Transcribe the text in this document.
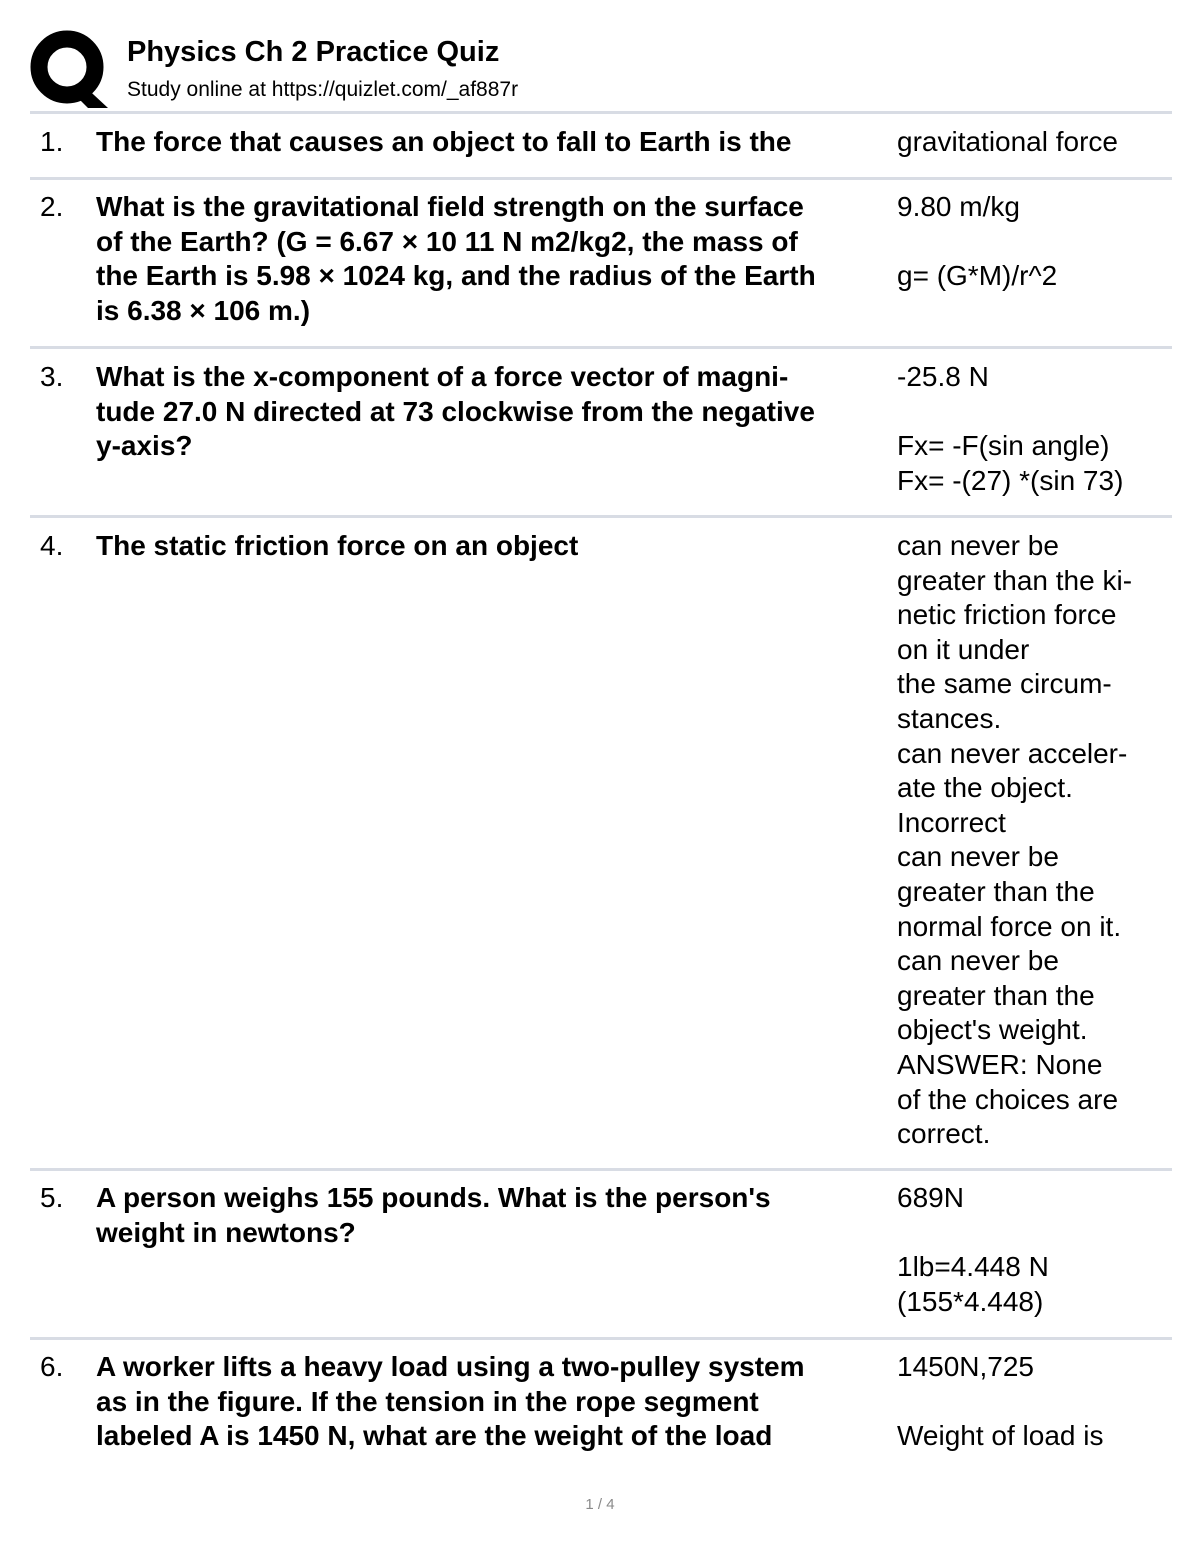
Physics Ch 2 Practice Quiz
Study online at https://quizlet.com/_af887r
1. The force that causes an object to fall to Earth is the	gravitational force
2. What is the gravitational field strength on the surface
of the Earth? (G = 6.67 × 10 11 N m2/kg2, the mass of
the Earth is 5.98 × 1024 kg, and the radius of the Earth
is 6.38 × 106 m.)
9.80 m/kg
g= (G*M)/r^2
3. What is the x-component of a force vector of magni-
tude 27.0 N directed at 73 clockwise from the negative
y-axis?
-25.8 N
Fx= -F(sin angle)
Fx= -(27) *(sin 73)
4. The static friction force on an object	can never be
greater than the ki-
netic friction force
on it under
the same circum-
stances.
can never acceler-
ate the object.
Incorrect
can never be
greater than the
normal force on it.
can never be
greater than the
object's weight.
ANSWER: None
of the choices are
correct.
5. A person weighs 155 pounds. What is the person's
weight in newtons?
689N
1lb=4.448 N
(155*4.448)
6. A worker lifts a heavy load using a two-pulley system
as in the figure. If the tension in the rope segment
labeled A is 1450 N, what are the weight of the load
1450N,725
Weight of load is
1 / 4
